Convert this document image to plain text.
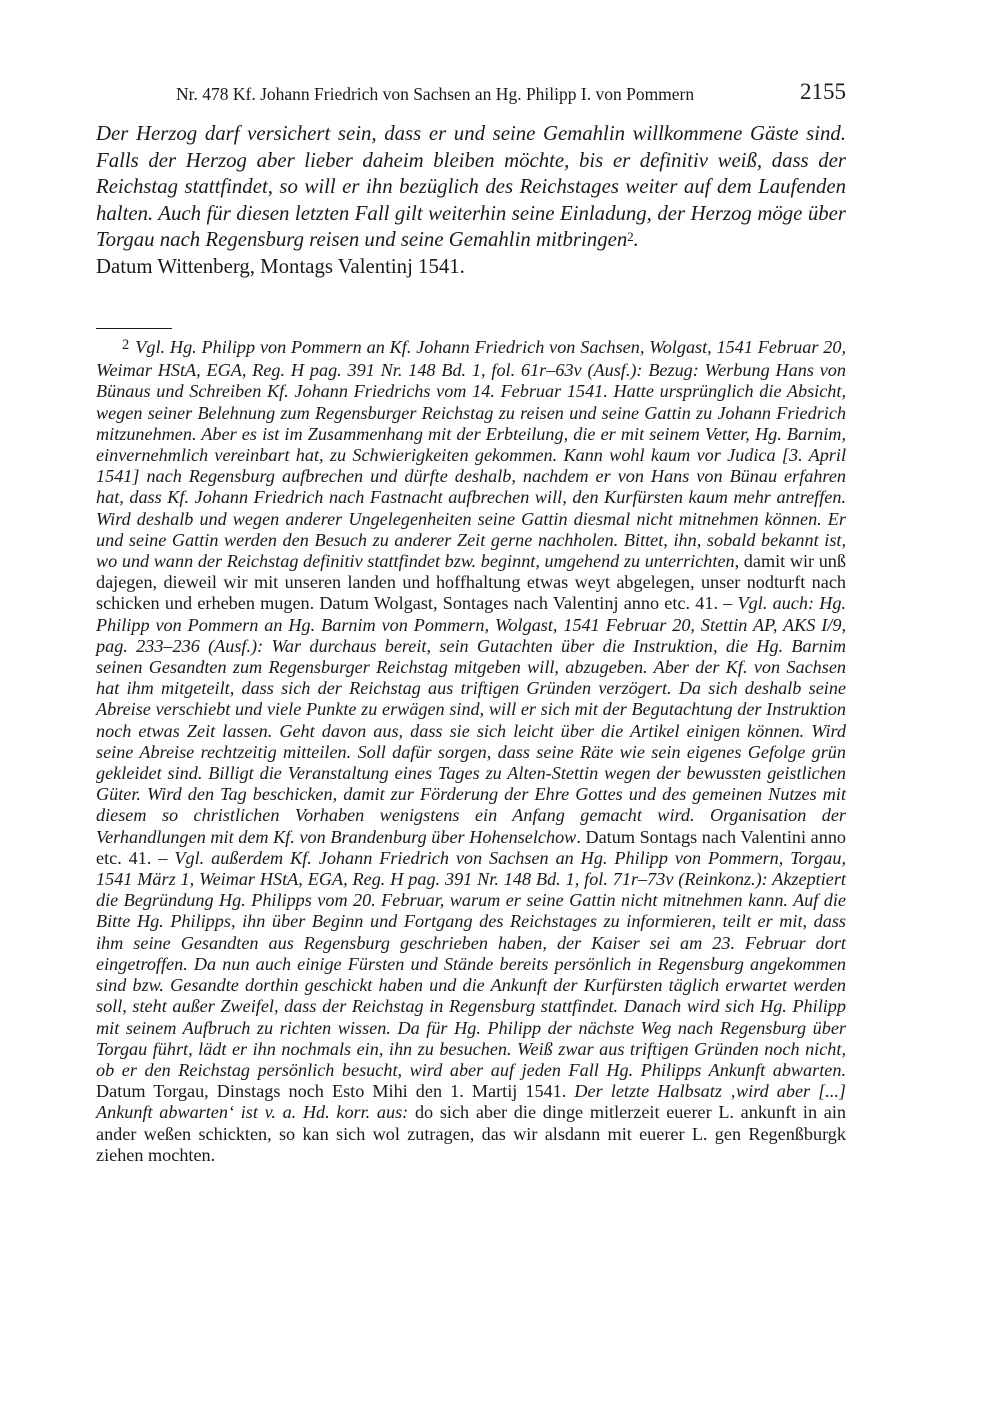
Nr. 478 Kf. Johann Friedrich von Sachsen an Hg. Philipp I. von Pommern	2155
Der Herzog darf versichert sein, dass er und seine Gemahlin willkommene Gäste sind. Falls der Herzog aber lieber daheim bleiben möchte, bis er definitiv weiß, dass der Reichstag stattfindet, so will er ihn bezüglich des Reichstages weiter auf dem Laufenden halten. Auch für diesen letzten Fall gilt weiterhin seine Einladung, der Herzog möge über Torgau nach Regensburg reisen und seine Gemahlin mitbringen$^2$.
Datum Wittenberg, Montags Valentinj 1541.
$^2$ Vgl. Hg. Philipp von Pommern an Kf. Johann Friedrich von Sachsen, Wolgast, 1541 Februar 20, Weimar HStA, EGA, Reg. H pag. 391 Nr. 148 Bd. 1, fol. 61r–63v (Ausf.): Bezug: Werbung Hans von Bünaus und Schreiben Kf. Johann Friedrichs vom 14. Februar 1541. Hatte ursprünglich die Absicht, wegen seiner Belehnung zum Regensburger Reichstag zu reisen und seine Gattin zu Johann Friedrich mitzunehmen. Aber es ist im Zusammenhang mit der Erbteilung, die er mit seinem Vetter, Hg. Barnim, einvernehmlich vereinbart hat, zu Schwierigkeiten gekommen. Kann wohl kaum vor Judica [3. April 1541] nach Regensburg aufbrechen und dürfte deshalb, nachdem er von Hans von Bünau erfahren hat, dass Kf. Johann Friedrich nach Fastnacht aufbrechen will, den Kurfürsten kaum mehr antreffen. Wird deshalb und wegen anderer Ungelegenheiten seine Gattin diesmal nicht mitnehmen können. Er und seine Gattin werden den Besuch zu anderer Zeit gerne nachholen. Bittet, ihn, sobald bekannt ist, wo und wann der Reichstag definitiv stattfindet bzw. beginnt, umgehend zu unterrichten, damit wir unß dajegen, dieweil wir mit unseren landen und hoffhaltung etwas weyt abgelegen, unser nodturft nach schicken und erheben mugen. Datum Wolgast, Sontages nach Valentinj anno etc. 41. – Vgl. auch: Hg. Philipp von Pommern an Hg. Barnim von Pommern, Wolgast, 1541 Februar 20, Stettin AP, AKS I/9, pag. 233–236 (Ausf.): War durchaus bereit, sein Gutachten über die Instruktion, die Hg. Barnim seinen Gesandten zum Regensburger Reichstag mitgeben will, abzugeben. Aber der Kf. von Sachsen hat ihm mitgeteilt, dass sich der Reichstag aus triftigen Gründen verzögert. Da sich deshalb seine Abreise verschiebt und viele Punkte zu erwägen sind, will er sich mit der Begutachtung der Instruktion noch etwas Zeit lassen. Geht davon aus, dass sie sich leicht über die Artikel einigen können. Wird seine Abreise rechtzeitig mitteilen. Soll dafür sorgen, dass seine Räte wie sein eigenes Gefolge grün gekleidet sind. Billigt die Veranstaltung eines Tages zu Alten-Stettin wegen der bewussten geistlichen Güter. Wird den Tag beschicken, damit zur Förderung der Ehre Gottes und des gemeinen Nutzes mit diesem so christlichen Vorhaben wenigstens ein Anfang gemacht wird. Organisation der Verhandlungen mit dem Kf. von Brandenburg über Hohenselchow. Datum Sontags nach Valentini anno etc. 41. – Vgl. außerdem Kf. Johann Friedrich von Sachsen an Hg. Philipp von Pommern, Torgau, 1541 März 1, Weimar HStA, EGA, Reg. H pag. 391 Nr. 148 Bd. 1, fol. 71r–73v (Reinkonz.): Akzeptiert die Begründung Hg. Philipps vom 20. Februar, warum er seine Gattin nicht mitnehmen kann. Auf die Bitte Hg. Philipps, ihn über Beginn und Fortgang des Reichstages zu informieren, teilt er mit, dass ihm seine Gesandten aus Regensburg geschrieben haben, der Kaiser sei am 23. Februar dort eingetroffen. Da nun auch einige Fürsten und Stände bereits persönlich in Regensburg angekommen sind bzw. Gesandte dorthin geschickt haben und die Ankunft der Kurfürsten täglich erwartet werden soll, steht außer Zweifel, dass der Reichstag in Regensburg stattfindet. Danach wird sich Hg. Philipp mit seinem Aufbruch zu richten wissen. Da für Hg. Philipp der nächste Weg nach Regensburg über Torgau führt, lädt er ihn nochmals ein, ihn zu besuchen. Weiß zwar aus triftigen Gründen noch nicht, ob er den Reichstag persönlich besucht, wird aber auf jeden Fall Hg. Philipps Ankunft abwarten. Datum Torgau, Dinstags noch Esto Mihi den 1. Martij 1541. Der letzte Halbsatz ‚wird aber [...] Ankunft abwarten‘ ist v. a. Hd. korr. aus: do sich aber die dinge mitlerzeit euerer L. ankunft in ain ander weßen schickten, so kan sich wol zutragen, das wir alsdann mit euerer L. gen Regenßburgk ziehen mochten.
